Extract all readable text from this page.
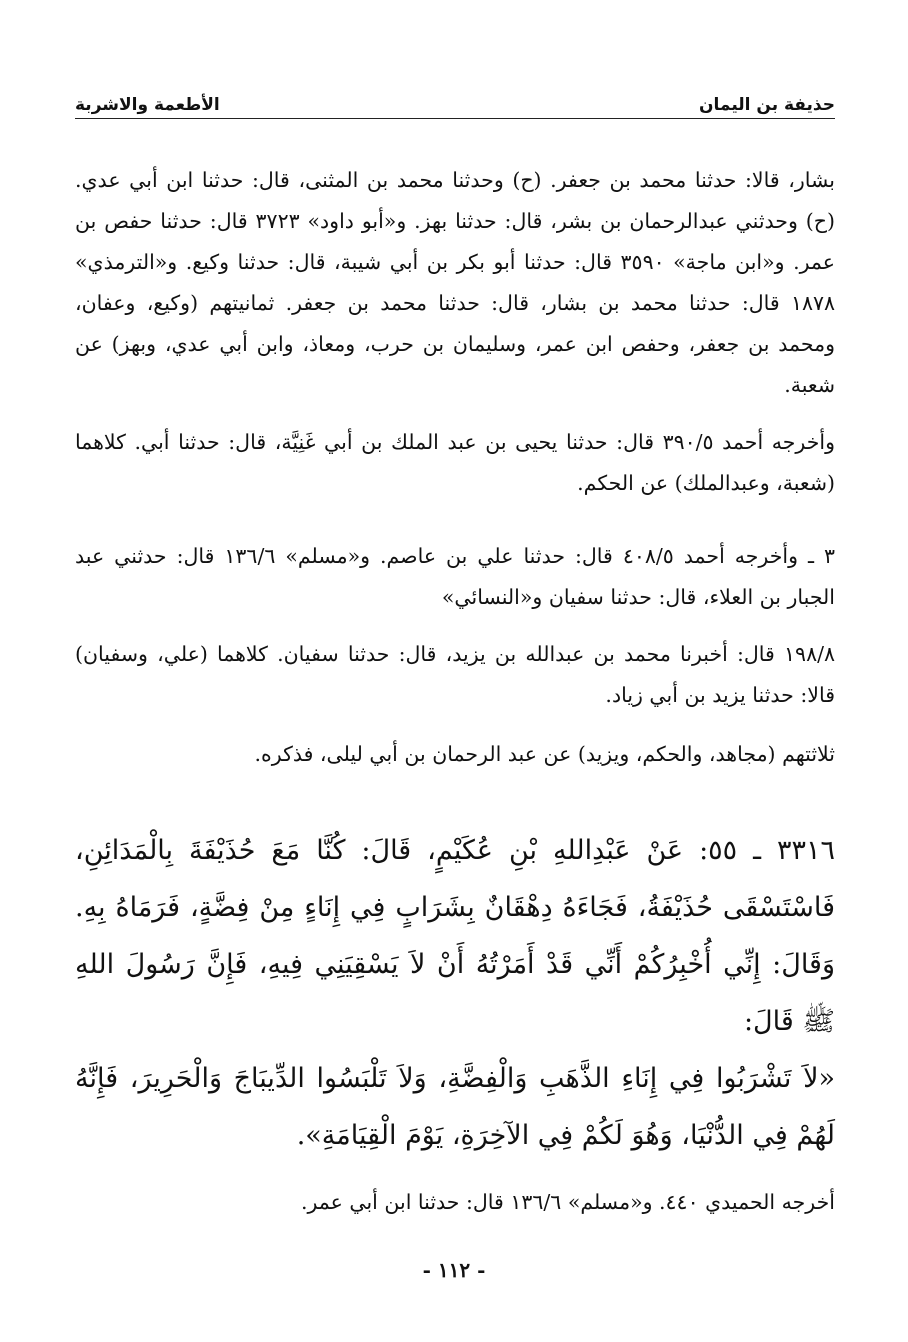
حذيفة بن اليمان
الأطعمة والاشربة

بشار، قالا: حدثنا محمد بن جعفر. (ح) وحدثنا محمد بن المثنى، قال: حدثنا ابن أبي عدي. (ح) وحدثني عبدالرحمان بن بشر، قال: حدثنا بهز. و«أبو داود» ٣٧٢٣ قال: حدثنا حفص بن عمر. و«ابن ماجة» ٣٥٩٠ قال: حدثنا أبو بكر بن أبي شيبة، قال: حدثنا وكيع. و«الترمذي» ١٨٧٨ قال: حدثنا محمد بن بشار، قال: حدثنا محمد بن جعفر. ثمانيتهم (وكيع، وعفان، ومحمد بن جعفر، وحفص ابن عمر، وسليمان بن حرب، ومعاذ، وابن أبي عدي، وبهز) عن شعبة.

وأخرجه أحمد ٣٩٠/٥ قال: حدثنا يحيى بن عبد الملك بن أبي غَنِيَّة، قال: حدثنا أبي. كلاهما (شعبة، وعبدالملك) عن الحكم.

٣ ـ وأخرجه أحمد ٤٠٨/٥ قال: حدثنا علي بن عاصم. و«مسلم» ١٣٦/٦ قال: حدثني عبد الجبار بن العلاء، قال: حدثنا سفيان و«النسائي»

١٩٨/٨ قال: أخبرنا محمد بن عبدالله بن يزيد، قال: حدثنا سفيان. كلاهما (علي، وسفيان) قالا: حدثنا يزيد بن أبي زياد.

ثلاثتهم (مجاهد، والحكم، ويزيد) عن عبد الرحمان بن أبي ليلى، فذكره.

٣٣١٦ ـ ٥٥: عَنْ عَبْدِاللهِ بْنِ عُكَيْمٍ، قَالَ: كُنَّا مَعَ حُذَيْفَةَ بِالْمَدَائِنِ، فَاسْتَسْقَى حُذَيْفَةُ، فَجَاءَهُ دِهْقَانٌ بِشَرَابٍ فِي إِنَاءٍ مِنْ فِضَّةٍ، فَرَمَاهُ بِهِ. وَقَالَ: إِنِّي أُخْبِرُكُمْ أَنِّي قَدْ أَمَرْتُهُ أَنْ لاَ يَسْقِيَنِي فِيهِ، فَإِنَّ رَسُولَ اللهِ ﷺ قَالَ:

«لاَ تَشْرَبُوا فِي إِنَاءِ الذَّهَبِ وَالْفِضَّةِ، وَلاَ تَلْبَسُوا الدِّيبَاجَ وَالْحَرِيرَ، فَإِنَّهُ لَهُمْ فِي الدُّنْيَا، وَهُوَ لَكُمْ فِي الآخِرَةِ، يَوْمَ الْقِيَامَةِ».

أخرجه الحميدي ٤٤٠. و«مسلم» ١٣٦/٦ قال: حدثنا ابن أبي عمر.

- ١١٢ -
